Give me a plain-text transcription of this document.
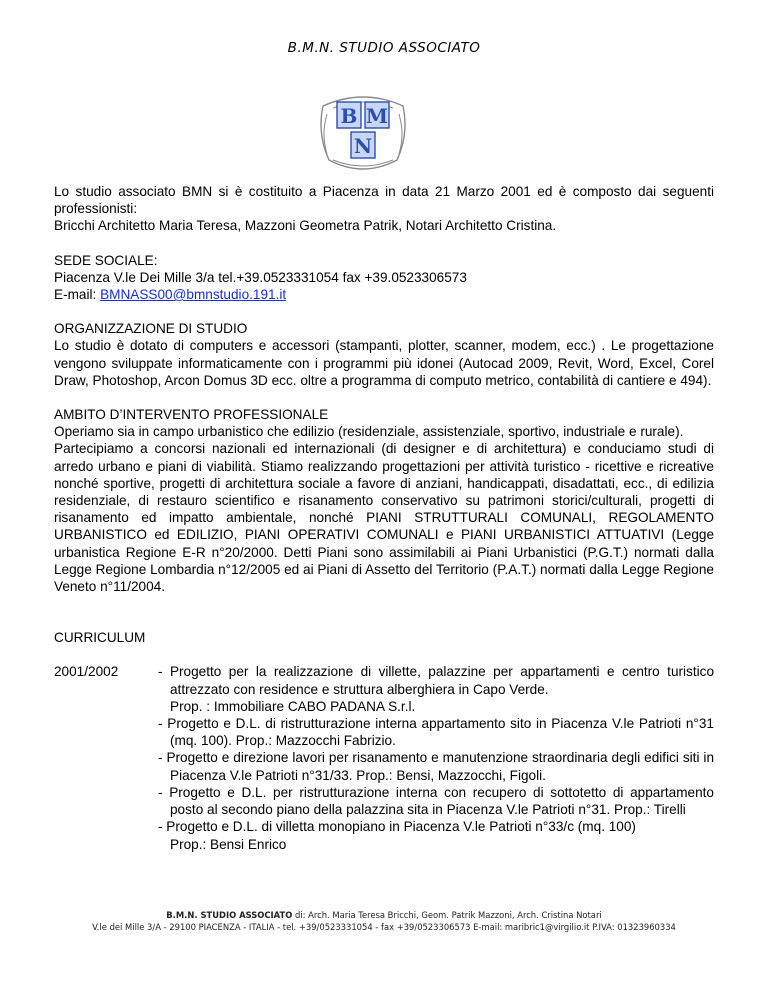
B.M.N. STUDIO ASSOCIATO
B M
N

Lo studio associato BMN si è costituito a Piacenza in data 21 Marzo 2001 ed è composto dai seguenti professionisti:

Bricchi Architetto Maria Teresa, Mazzoni Geometra Patrik, Notari Architetto Cristina.

SEDE SOCIALE:

Piacenza V.le Dei Mille 3/a tel.+39.0523331054 fax +39.0523306573

E-mail: BMNASS00@bmnstudio.191.it

ORGANIZZAZIONE DI STUDIO

Lo studio è dotato di computers e accessori (stampanti, plotter, scanner, modem, ecc.) . Le progettazione vengono sviluppate informaticamente con i programmi più idonei (Autocad 2009, Revit, Word, Excel, Corel Draw, Photoshop, Arcon Domus 3D ecc. oltre a programma di computo metrico, contabilità di cantiere e 494).

AMBITO D’INTERVENTO PROFESSIONALE

Operiamo sia in campo urbanistico che edilizio (residenziale, assistenziale, sportivo, industriale e rurale).

Partecipiamo a concorsi nazionali ed internazionali (di designer e di architettura) e conduciamo studi di arredo urbano e piani di viabilità. Stiamo realizzando progettazioni per attività turistico - ricettive e ricreative nonché sportive, progetti di architettura sociale a favore di anziani, handicappati, disadattati, ecc., di edilizia residenziale, di restauro scientifico e risanamento conservativo su patrimoni storici/culturali, progetti di risanamento ed impatto ambientale, nonché PIANI STRUTTURALI COMUNALI, REGOLAMENTO URBANISTICO ed EDILIZIO, PIANI OPERATIVI COMUNALI e PIANI URBANISTICI ATTUATIVI (Legge urbanistica Regione E-R n°20/2000. Detti Piani sono assimilabili ai Piani Urbanistici (P.G.T.) normati dalla Legge Regione Lombardia n°12/2005 ed ai Piani di Assetto del Territorio (P.A.T.) normati dalla Legge Regione Veneto n°11/2004.

CURRICULUM

2001/2002	- Progetto per la realizzazione di villette, palazzine per appartamenti e centro turistico attrezzato con residence e struttura alberghiera in Capo Verde.
Prop. : Immobiliare CABO PADANA S.r.l.

- Progetto e D.L. di ristrutturazione interna appartamento sito in Piacenza V.le Patrioti n°31 (mq. 100). Prop.: Mazzocchi Fabrizio.

- Progetto e direzione lavori per risanamento e manutenzione straordinaria degli edifici siti in Piacenza V.le Patrioti n°31/33. Prop.: Bensi, Mazzocchi, Figoli.

- Progetto e D.L. per ristrutturazione interna con recupero di sottotetto di appartamento posto al secondo piano della palazzina sita in Piacenza V.le Patrioti n°31. Prop.: Tirelli

- Progetto e D.L. di villetta monopiano in Piacenza V.le Patrioti n°33/c (mq. 100)
Prop.: Bensi Enrico

B.M.N. STUDIO ASSOCIATO di: Arch. Maria Teresa Bricchi, Geom. Patrik Mazzoni, Arch. Cristina Notari
V.le dei Mille 3/A - 29100 PIACENZA - ITALIA - tel. +39/0523331054 - fax +39/0523306573 E-mail: maribric1@virgilio.it P.IVA: 01323960334
